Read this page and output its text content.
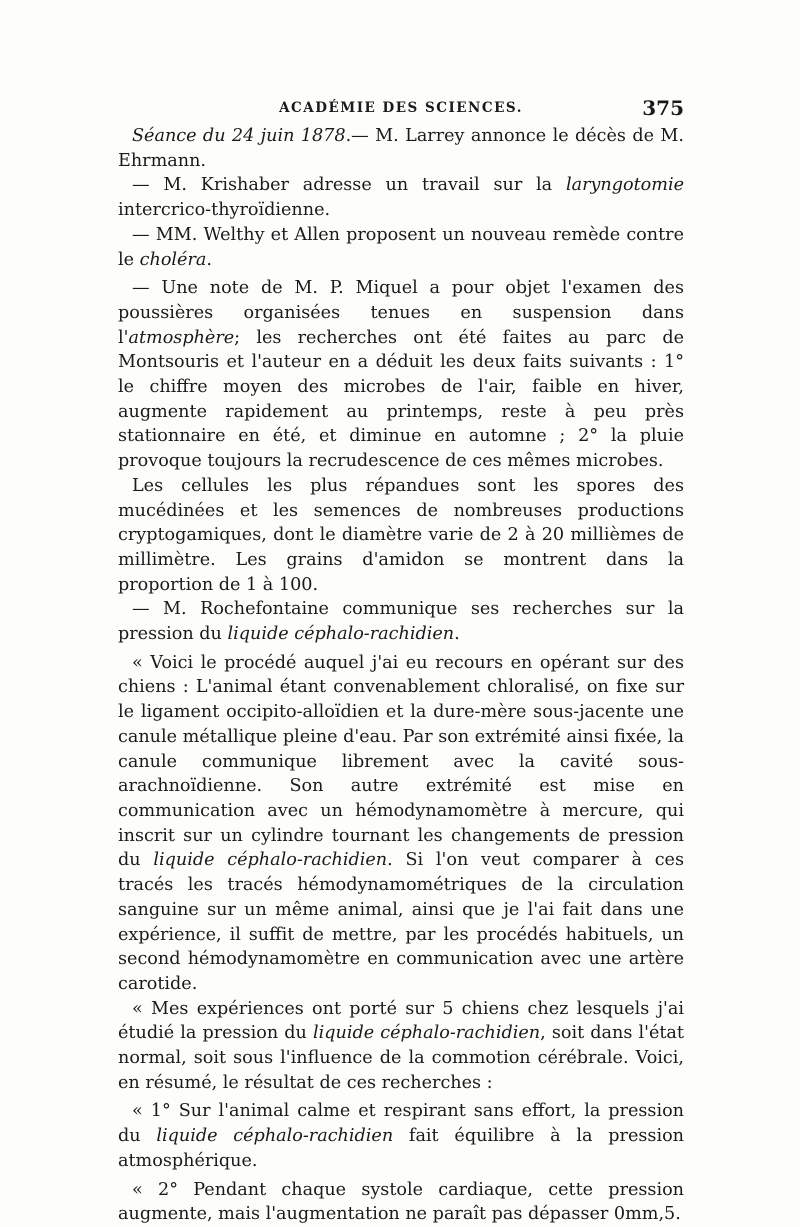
ACADÉMIE DES SCIENCES.	375

Séance du 24 juin 1878.— M. Larrey annonce le décès de M. Ehrmann.

— M. Krishaber adresse un travail sur la laryngotomie intercrico-thyroïdienne.

— MM. Welthy et Allen proposent un nouveau remède contre le choléra.

— Une note de M. P. Miquel a pour objet l'examen des poussières organisées tenues en suspension dans l'atmosphère; les recherches ont été faites au parc de Montsouris et l'auteur en a déduit les deux faits suivants : 1° le chiffre moyen des microbes de l'air, faible en hiver, augmente rapidement au printemps, reste à peu près stationnaire en été, et diminue en automne ; 2° la pluie provoque toujours la recrudescence de ces mêmes microbes.

Les cellules les plus répandues sont les spores des mucédinées et les semences de nombreuses productions cryptogamiques, dont le diamètre varie de 2 à 20 millièmes de millimètre. Les grains d'amidon se montrent dans la proportion de 1 à 100.

— M. Rochefontaine communique ses recherches sur la pression du liquide céphalo-rachidien.

« Voici le procédé auquel j'ai eu recours en opérant sur des chiens : L'animal étant convenablement chloralisé, on fixe sur le ligament occipito-alloïdien et la dure-mère sous-jacente une canule métallique pleine d'eau. Par son extrémité ainsi fixée, la canule communique librement avec la cavité sous-arachnoïdienne. Son autre extrémité est mise en communication avec un hémodynamomètre à mercure, qui inscrit sur un cylindre tournant les changements de pression du liquide céphalo-rachidien. Si l'on veut comparer à ces tracés les tracés hémodynamométriques de la circulation sanguine sur un même animal, ainsi que je l'ai fait dans une expérience, il suffit de mettre, par les procédés habituels, un second hémodynamomètre en communication avec une artère carotide.

« Mes expériences ont porté sur 5 chiens chez lesquels j'ai étudié la pression du liquide céphalo-rachidien, soit dans l'état normal, soit sous l'influence de la commotion cérébrale. Voici, en résumé, le résultat de ces recherches :

« 1° Sur l'animal calme et respirant sans effort, la pression du liquide céphalo-rachidien fait équilibre à la pression atmosphérique.

« 2° Pendant chaque systole cardiaque, cette pression augmente, mais l'augmentation ne paraît pas dépasser 0mm,5.
